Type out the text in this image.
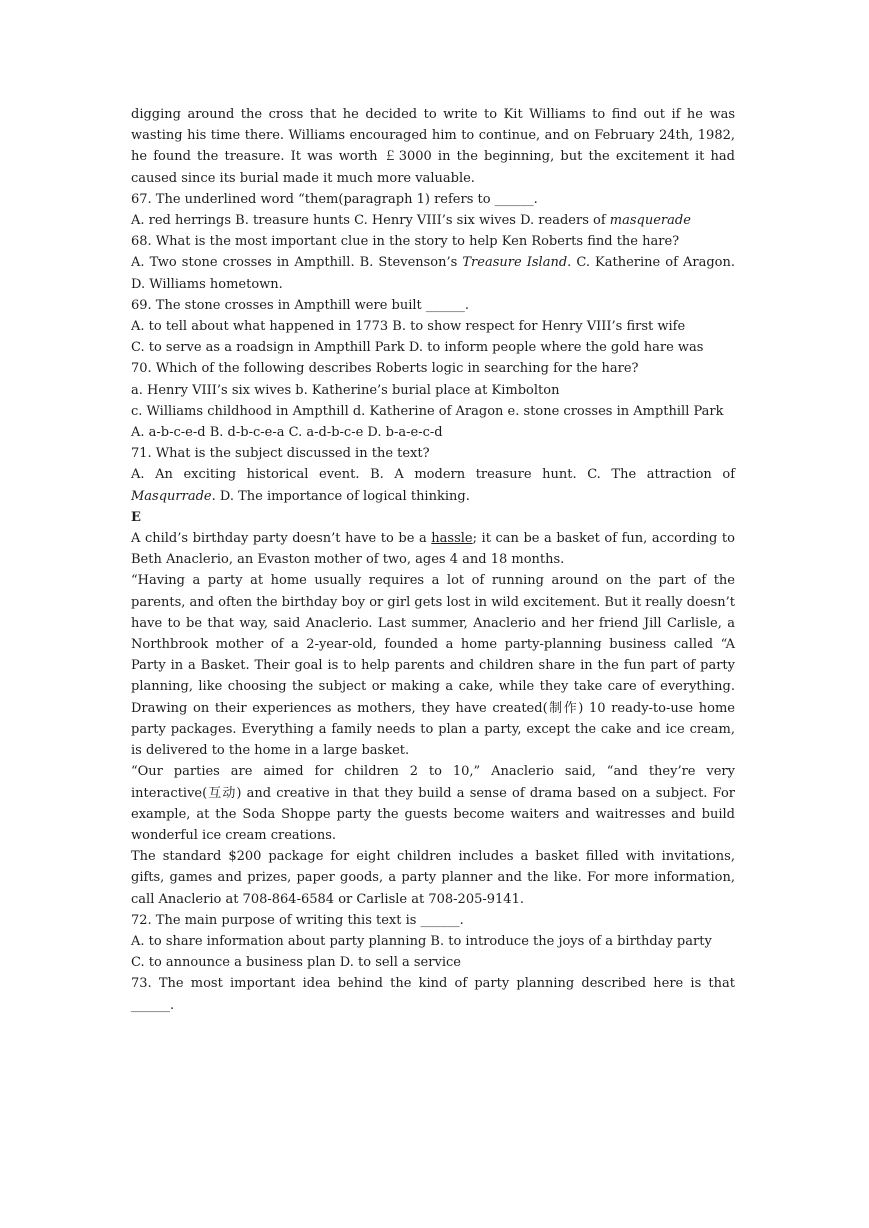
digging around the cross that he decided to write to Kit Williams to find out if he was wasting his time there. Williams encouraged him to continue, and on February 24th, 1982, he found the treasure. It was worth ￡3000 in the beginning, but the excitement it had caused since its burial made it much more valuable.

67. The underlined word “them(paragraph 1) refers to ______.

A. red herrings B. treasure hunts C. Henry VIII’s six wives D. readers of masquerade

68. What is the most important clue in the story to help Ken Roberts find the hare?

A. Two stone crosses in Ampthill. B. Stevenson’s Treasure Island. C. Katherine of Aragon. D. Williams hometown.

69. The stone crosses in Ampthill were built ______.

A. to tell about what happened in 1773 B. to show respect for Henry VIII’s first wife

C. to serve as a roadsign in Ampthill Park D. to inform people where the gold hare was

70. Which of the following describes Roberts logic in searching for the hare?

a. Henry VIII’s six wives b. Katherine’s burial place at Kimbolton

c. Williams childhood in Ampthill d. Katherine of Aragon e. stone crosses in Ampthill Park

A. a-b-c-e-d B. d-b-c-e-a C. a-d-b-c-e D. b-a-e-c-d

71. What is the subject discussed in the text?

A. An exciting historical event. B. A modern treasure hunt. C. The attraction of Masqurrade. D. The importance of logical thinking.

E

A child’s birthday party doesn’t have to be a hassle; it can be a basket of fun, according to Beth Anaclerio, an Evaston mother of two, ages 4 and 18 months.

“Having a party at home usually requires a lot of running around on the part of the parents, and often the birthday boy or girl gets lost in wild excitement. But it really doesn’t have to be that way, said Anaclerio. Last summer, Anaclerio and her friend Jill Carlisle, a Northbrook mother of a 2-year-old, founded a home party-planning business called “A Party in a Basket. Their goal is to help parents and children share in the fun part of party planning, like choosing the subject or making a cake, while they take care of everything. Drawing on their experiences as mothers, they have created(制作) 10 ready-to-use home party packages. Everything a family needs to plan a party, except the cake and ice cream, is delivered to the home in a large basket.

“Our parties are aimed for children 2 to 10,” Anaclerio said, “and they’re very interactive(互动) and creative in that they build a sense of drama based on a subject. For example, at the Soda Shoppe party the guests become waiters and waitresses and build wonderful ice cream creations.

The standard $200 package for eight children includes a basket filled with invitations, gifts, games and prizes, paper goods, a party planner and the like. For more information, call Anaclerio at 708-864-6584 or Carlisle at 708-205-9141.

72. The main purpose of writing this text is ______.

A. to share information about party planning B. to introduce the joys of a birthday party

C. to announce a business plan D. to sell a service

73. The most important idea behind the kind of party planning described here is that ______.
